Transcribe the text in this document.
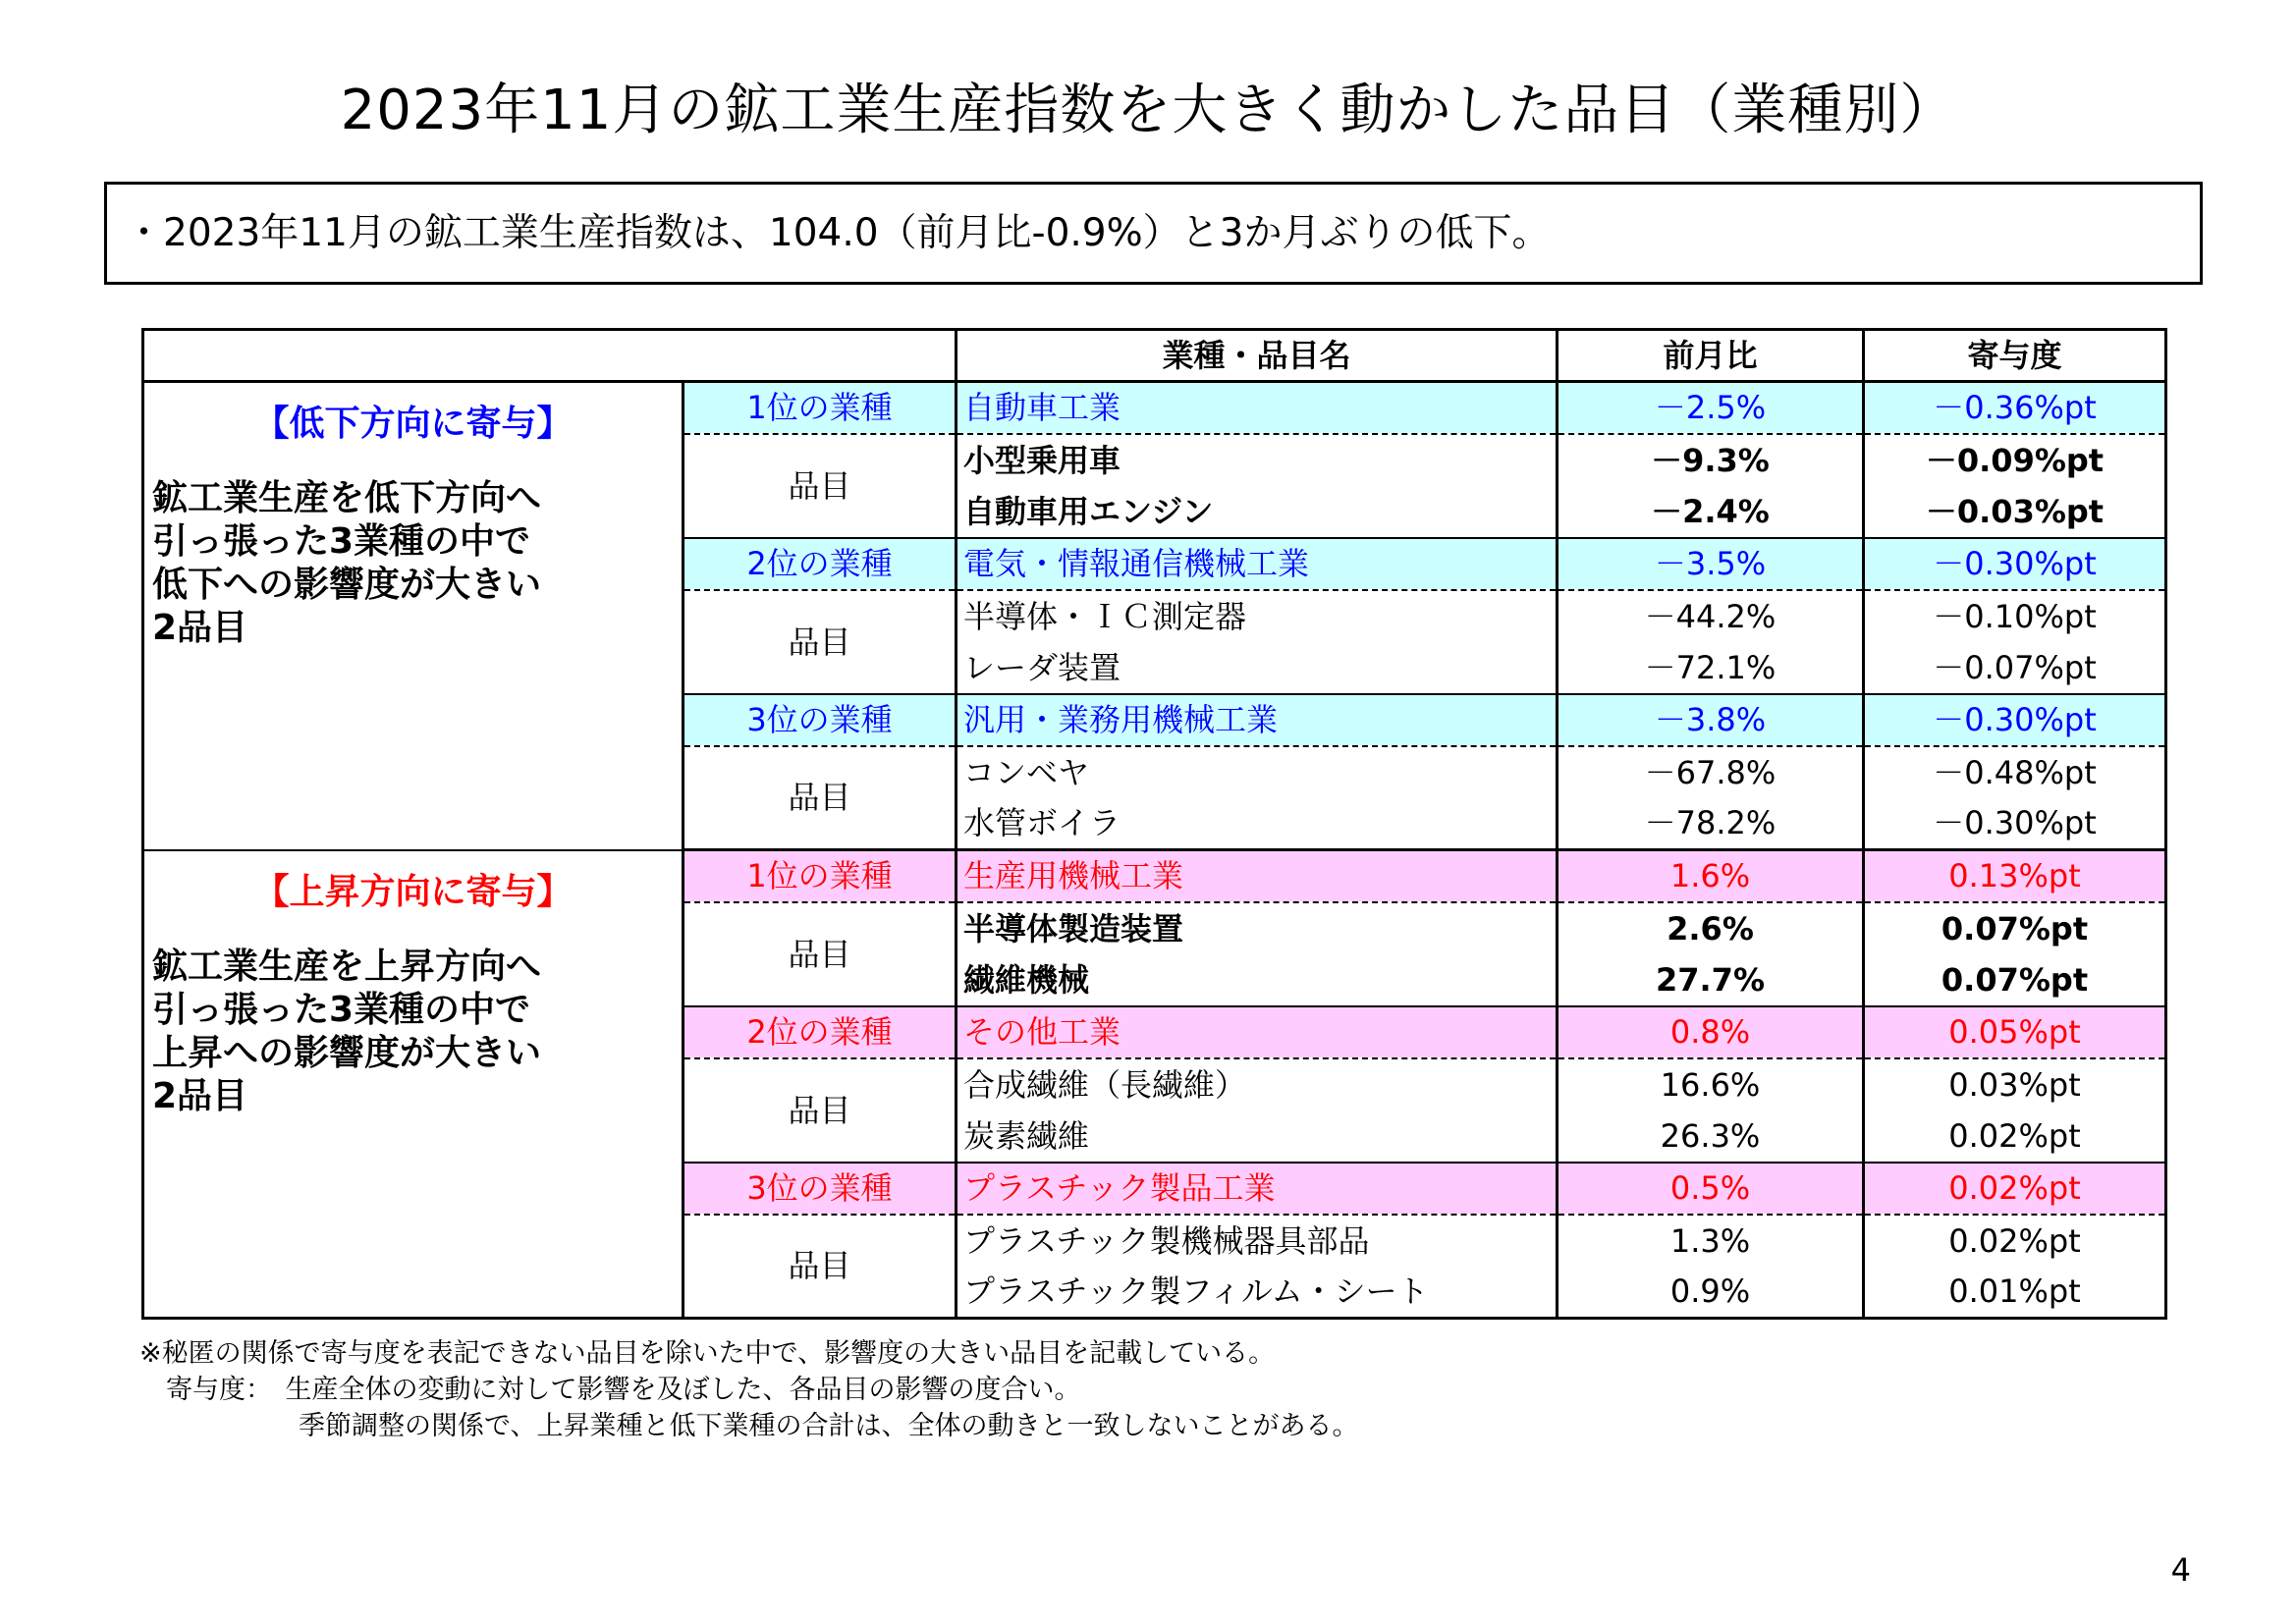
2023年11月の鉱工業生産指数を大きく動かした品目（業種別）
・2023年11月の鉱工業生産指数は、104.0（前月比-0.9%）と3か月ぶりの低下。
		業種・品目名	前月比	寄与度

【低下方向に寄与】
鉱工業生産を低下方向へ
引っ張った3業種の中で
低下への影響度が大きい
2品目	1位の業種	自動車工業	－2.5%	－0.36%pt
	品目	小型乗用車	－9.3%	－0.09%pt
		自動車用エンジン	－2.4%	－0.03%pt
	2位の業種	電気・情報通信機械工業	－3.5%	－0.30%pt
	品目	半導体・ＩＣ測定器	－44.2%	－0.10%pt
		レーダ装置	－72.1%	－0.07%pt
	3位の業種	汎用・業務用機械工業	－3.8%	－0.30%pt
	品目	コンベヤ	－67.8%	－0.48%pt
		水管ボイラ	－78.2%	－0.30%pt

【上昇方向に寄与】
鉱工業生産を上昇方向へ
引っ張った3業種の中で
上昇への影響度が大きい
2品目	1位の業種	生産用機械工業	1.6%	0.13%pt
	品目	半導体製造装置	2.6%	0.07%pt
		繊維機械	27.7%	0.07%pt
	2位の業種	その他工業	0.8%	0.05%pt
	品目	合成繊維（長繊維）	16.6%	0.03%pt
		炭素繊維	26.3%	0.02%pt
	3位の業種	プラスチック製品工業	0.5%	0.02%pt
	品目	プラスチック製機械器具部品	1.3%	0.02%pt
		プラスチック製フィルム・シート	0.9%	0.01%pt
※秘匿の関係で寄与度を表記できない品目を除いた中で、影響度の大きい品目を記載している。
　寄与度：　生産全体の変動に対して影響を及ぼした、各品目の影響の度合い。
　　　　　　季節調整の関係で、上昇業種と低下業種の合計は、全体の動きと一致しないことがある。
4
